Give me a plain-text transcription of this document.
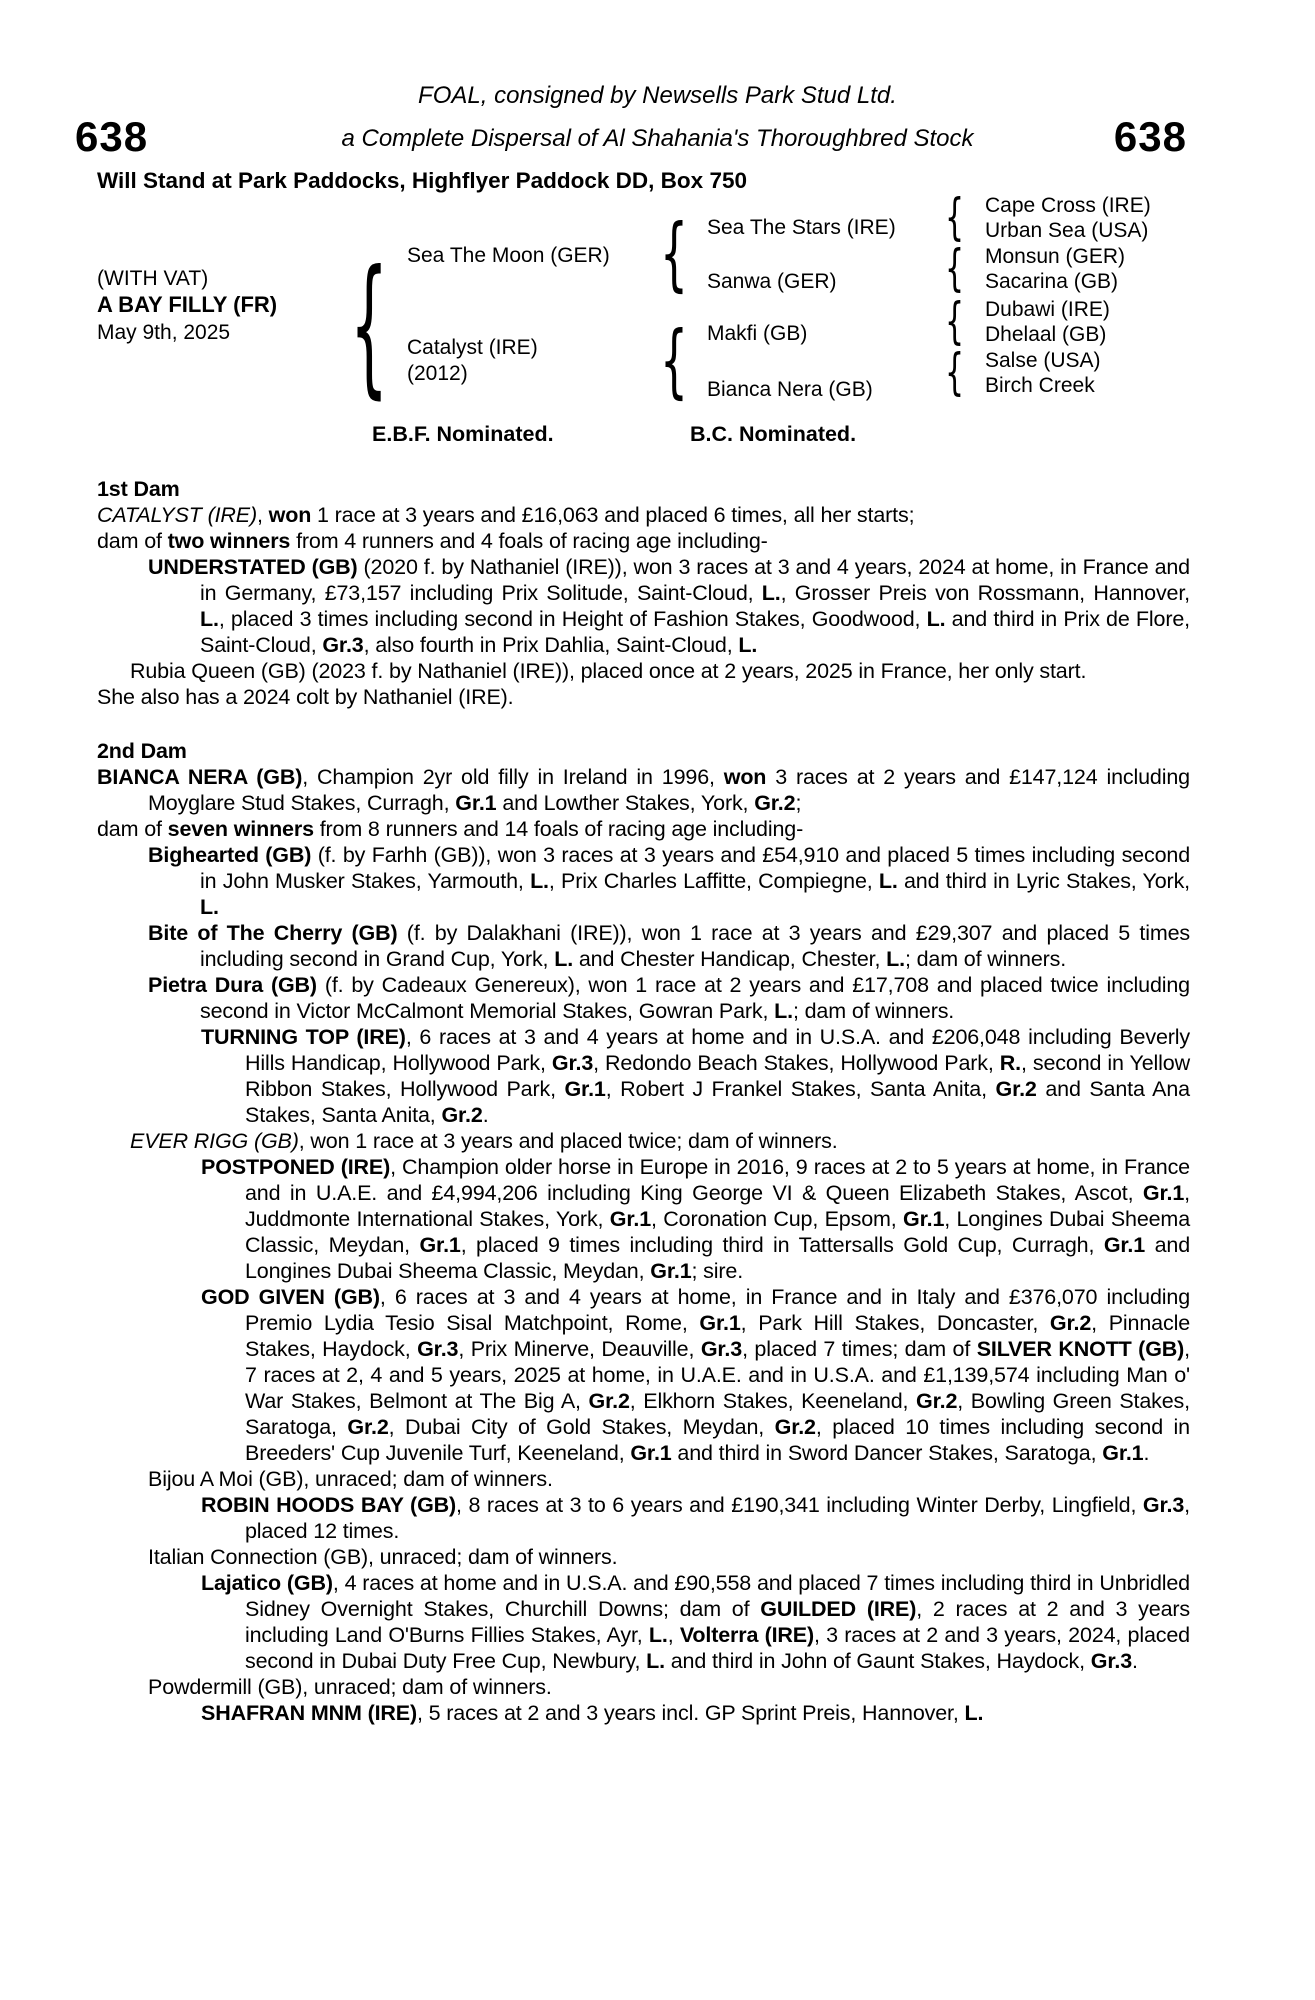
FOAL, consigned by Newsells Park Stud Ltd.
638	638
a Complete Dispersal of Al Shahania's Thoroughbred Stock
Will Stand at Park Paddocks, Highflyer Paddock DD, Box 750
(WITH VAT)
A BAY FILLY (FR)
May 9th, 2025 { Sea The Moon (GER)
Catalyst (IRE)
(2012)
{
{
Sea The Stars (IRE)
Sanwa (GER)
Makfi (GB)
Bianca Nera (GB)
{
{
{
{
Cape Cross (IRE)
Urban Sea (USA)
Monsun (GER)
Sacarina (GB)
Dubawi (IRE)
Dhelaal (GB)
Salse (USA)
Birch Creek
E.B.F. Nominated.	B.C. Nominated.
1st Dam
CATALYST (IRE), won 1 race at 3 years and £16,063 and placed 6 times, all her starts;
dam of two winners from 4 runners and 4 foals of racing age including-
UNDERSTATED (GB) (2020 f. by Nathaniel (IRE)), won 3 races at 3 and 4 years, 2024 at home, in France and in Germany, £73,157 including Prix Solitude, Saint-Cloud, L., Grosser Preis von Rossmann, Hannover, L., placed 3 times including second in Height of Fashion Stakes, Goodwood, L. and third in Prix de Flore, Saint-Cloud, Gr.3, also fourth in Prix Dahlia, Saint-Cloud, L.
Rubia Queen (GB) (2023 f. by Nathaniel (IRE)), placed once at 2 years, 2025 in France, her only start.
She also has a 2024 colt by Nathaniel (IRE).
2nd Dam
BIANCA NERA (GB), Champion 2yr old filly in Ireland in 1996, won 3 races at 2 years and £147,124 including Moyglare Stud Stakes, Curragh, Gr.1 and Lowther Stakes, York, Gr.2;
dam of seven winners from 8 runners and 14 foals of racing age including-
Bighearted (GB) (f. by Farhh (GB)), won 3 races at 3 years and £54,910 and placed 5 times including second in John Musker Stakes, Yarmouth, L., Prix Charles Laffitte, Compiegne, L. and third in Lyric Stakes, York, L.
Bite of The Cherry (GB) (f. by Dalakhani (IRE)), won 1 race at 3 years and £29,307 and placed 5 times including second in Grand Cup, York, L. and Chester Handicap, Chester, L.; dam of winners.
Pietra Dura (GB) (f. by Cadeaux Genereux), won 1 race at 2 years and £17,708 and placed twice including second in Victor McCalmont Memorial Stakes, Gowran Park, L.; dam of winners.
TURNING TOP (IRE), 6 races at 3 and 4 years at home and in U.S.A. and £206,048 including Beverly Hills Handicap, Hollywood Park, Gr.3, Redondo Beach Stakes, Hollywood Park, R., second in Yellow Ribbon Stakes, Hollywood Park, Gr.1, Robert J Frankel Stakes, Santa Anita, Gr.2 and Santa Ana Stakes, Santa Anita, Gr.2.
EVER RIGG (GB), won 1 race at 3 years and placed twice; dam of winners.
POSTPONED (IRE), Champion older horse in Europe in 2016, 9 races at 2 to 5 years at home, in France and in U.A.E. and £4,994,206 including King George VI & Queen Elizabeth Stakes, Ascot, Gr.1, Juddmonte International Stakes, York, Gr.1, Coronation Cup, Epsom, Gr.1, Longines Dubai Sheema Classic, Meydan, Gr.1, placed 9 times including third in Tattersalls Gold Cup, Curragh, Gr.1 and Longines Dubai Sheema Classic, Meydan, Gr.1; sire.
GOD GIVEN (GB), 6 races at 3 and 4 years at home, in France and in Italy and £376,070 including Premio Lydia Tesio Sisal Matchpoint, Rome, Gr.1, Park Hill Stakes, Doncaster, Gr.2, Pinnacle Stakes, Haydock, Gr.3, Prix Minerve, Deauville, Gr.3, placed 7 times; dam of SILVER KNOTT (GB), 7 races at 2, 4 and 5 years, 2025 at home, in U.A.E. and in U.S.A. and £1,139,574 including Man o' War Stakes, Belmont at The Big A, Gr.2, Elkhorn Stakes, Keeneland, Gr.2, Bowling Green Stakes, Saratoga, Gr.2, Dubai City of Gold Stakes, Meydan, Gr.2, placed 10 times including second in Breeders' Cup Juvenile Turf, Keeneland, Gr.1 and third in Sword Dancer Stakes, Saratoga, Gr.1.
Bijou A Moi (GB), unraced; dam of winners.
ROBIN HOODS BAY (GB), 8 races at 3 to 6 years and £190,341 including Winter Derby, Lingfield, Gr.3, placed 12 times.
Italian Connection (GB), unraced; dam of winners.
Lajatico (GB), 4 races at home and in U.S.A. and £90,558 and placed 7 times including third in Unbridled Sidney Overnight Stakes, Churchill Downs; dam of GUILDED (IRE), 2 races at 2 and 3 years including Land O'Burns Fillies Stakes, Ayr, L., Volterra (IRE), 3 races at 2 and 3 years, 2024, placed second in Dubai Duty Free Cup, Newbury, L. and third in John of Gaunt Stakes, Haydock, Gr.3.
Powdermill (GB), unraced; dam of winners.
SHAFRAN MNM (IRE), 5 races at 2 and 3 years incl. GP Sprint Preis, Hannover, L.
